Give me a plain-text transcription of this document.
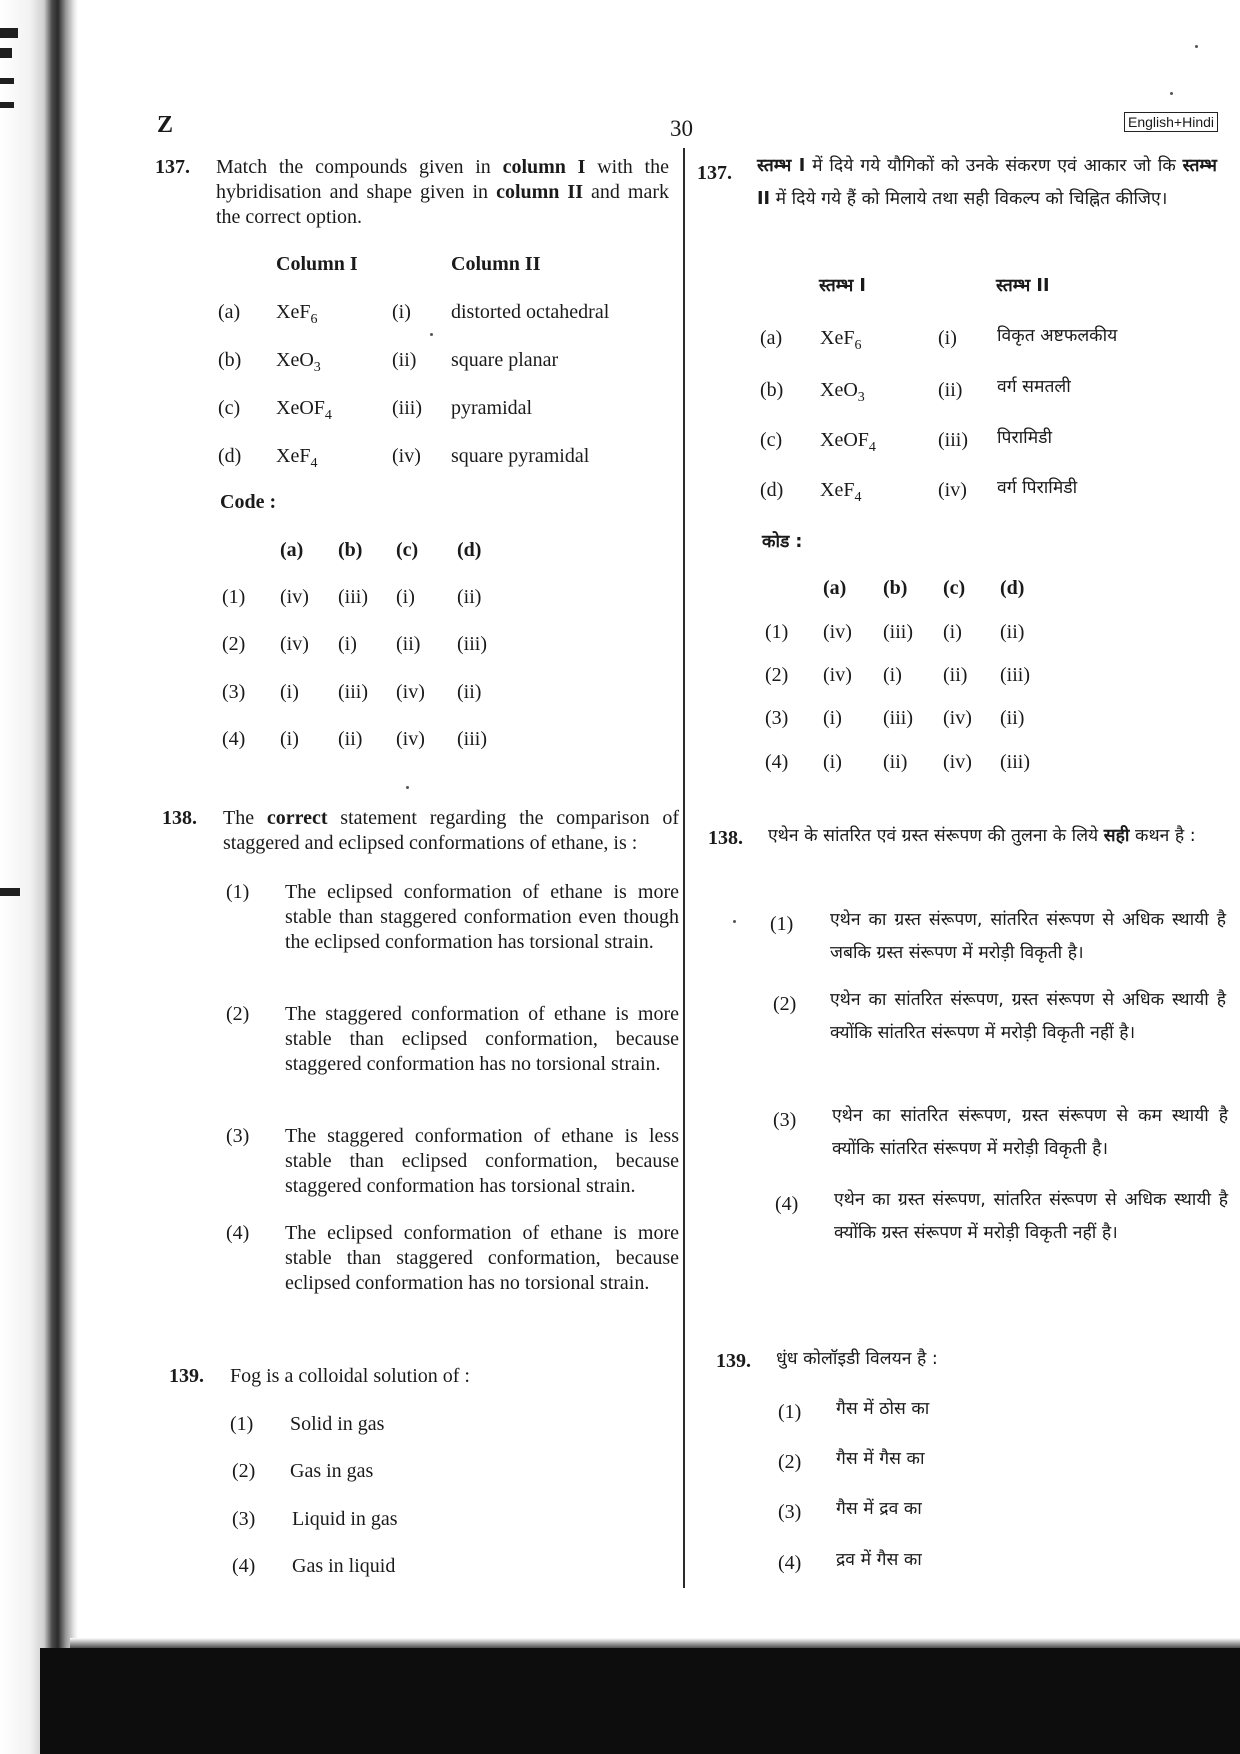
Z	30	English+Hindi
137. Match the compounds given in column I with the hybridisation and shape given in column II and mark the correct option.
Column I	Column II
(a) XeF$_6$	(i) distorted octahedral
(b) XeO$_3$	(ii) square planar
(c) XeOF$_4$	(iii) pyramidal
(d) XeF$_4$	(iv) square pyramidal
Code :
(a) (b) (c) (d)
(1) (iv) (iii) (i) (ii)
(2) (iv) (i) (ii) (iii)
(3) (i) (iii) (iv) (ii)
(4) (i) (ii) (iv) (iii)
138. The correct statement regarding the comparison of staggered and eclipsed conformations of ethane, is :
(1) The eclipsed conformation of ethane is more stable than staggered conformation even though the eclipsed conformation has torsional strain.
(2) The staggered conformation of ethane is more stable than eclipsed conformation, because staggered conformation has no torsional strain.
(3) The staggered conformation of ethane is less stable than eclipsed conformation, because staggered conformation has torsional strain.
(4) The eclipsed conformation of ethane is more stable than staggered conformation, because eclipsed conformation has no torsional strain.
139. Fog is a colloidal solution of :
(1) Solid in gas
(2) Gas in gas
(3) Liquid in gas
(4) Gas in liquid
137. स्तम्भ I में दिये गये यौगिकों को उनके संकरण एवं आकार जो कि स्तम्भ II में दिये गये हैं को मिलाये तथा सही विकल्प को चिह्नित कीजिए।
स्तम्भ I	स्तम्भ II
(a) XeF$_6$	(i) विकृत अष्टफलकीय
(b) XeO$_3$	(ii) वर्ग समतली
(c) XeOF$_4$	(iii) पिरामिडी
(d) XeF$_4$	(iv) वर्ग पिरामिडी
कोड :
(a) (b) (c) (d)
(1) (iv) (iii) (i) (ii)
(2) (iv) (i) (ii) (iii)
(3) (i) (iii) (iv) (ii)
(4) (i) (ii) (iv) (iii)
138. एथेन के सांतरित एवं ग्रस्त संरूपण की तुलना के लिये सही कथन है :
(1) एथेन का ग्रस्त संरूपण, सांतरित संरूपण से अधिक स्थायी है जबकि ग्रस्त संरूपण में मरोड़ी विकृती है।
(2) एथेन का सांतरित संरूपण, ग्रस्त संरूपण से अधिक स्थायी है क्योंकि सांतरित संरूपण में मरोड़ी विकृती नहीं है।
(3) एथेन का सांतरित संरूपण, ग्रस्त संरूपण से कम स्थायी है क्योंकि सांतरित संरूपण में मरोड़ी विकृती है।
(4) एथेन का ग्रस्त संरूपण, सांतरित संरूपण से अधिक स्थायी है क्योंकि ग्रस्त संरूपण में मरोड़ी विकृती नहीं है।
139. धुंध कोलॉइडी विलयन है :
(1) गैस में ठोस का
(2) गैस में गैस का
(3) गैस में द्रव का
(4) द्रव में गैस का
